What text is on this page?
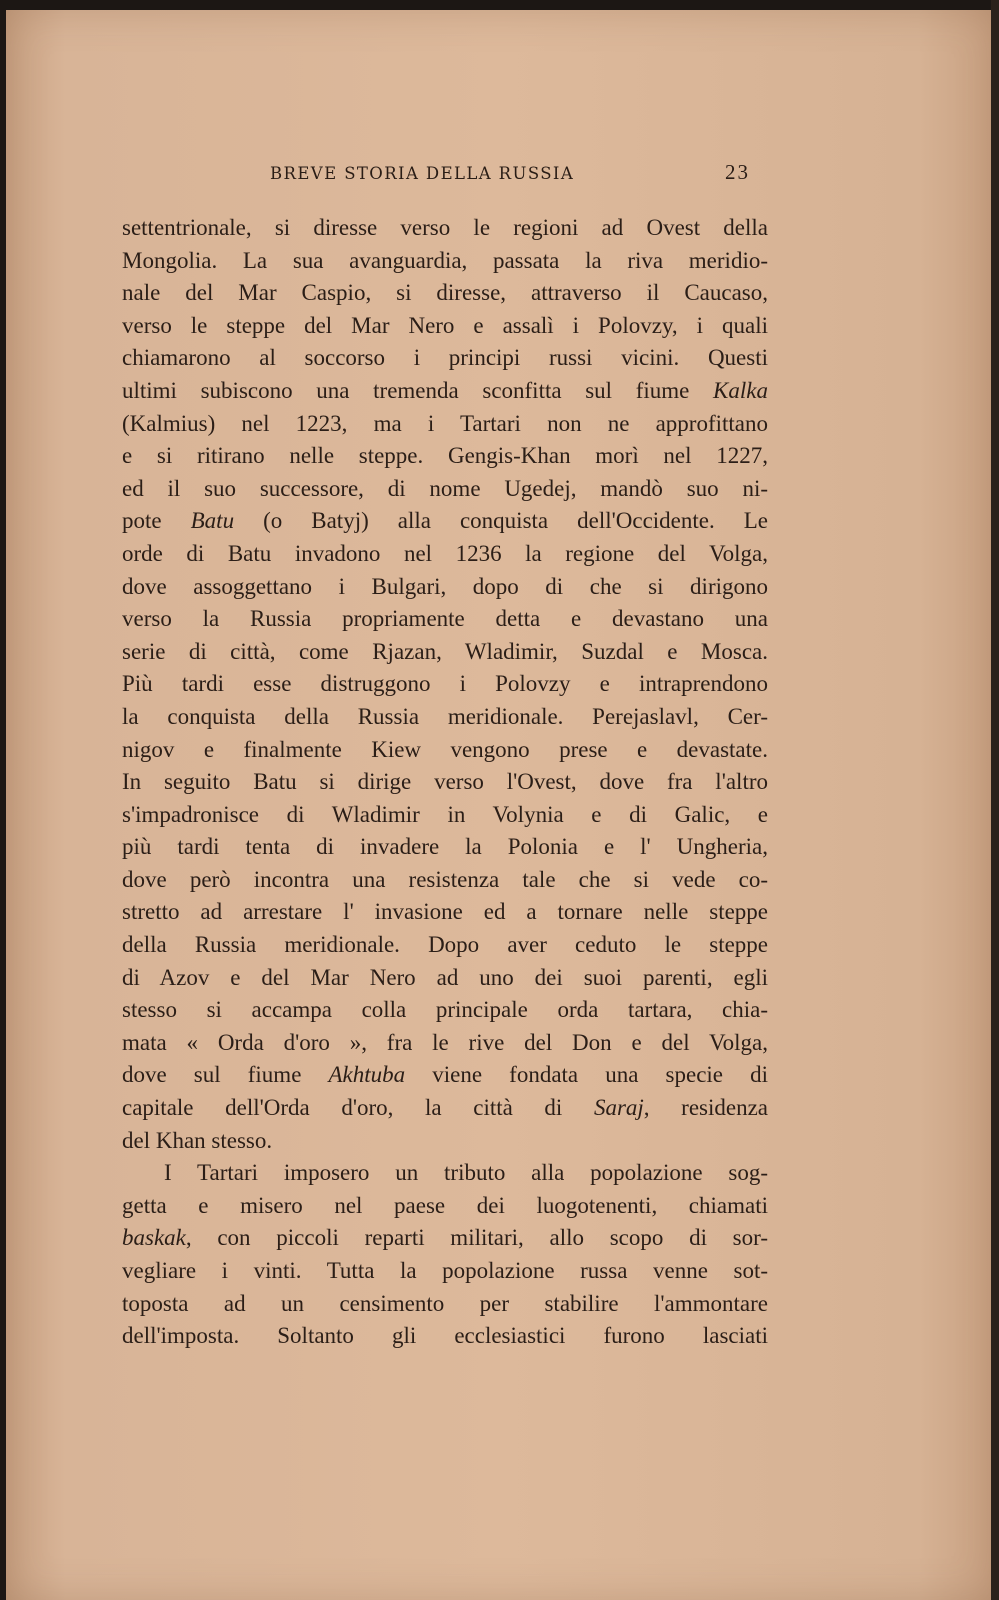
BREVE STORIA DELLA RUSSIA	23
settentrionale, si diresse verso le regioni ad Ovest della
Mongolia. La sua avanguardia, passata la riva meridio-
nale del Mar Caspio, si diresse, attraverso il Caucaso,
verso le steppe del Mar Nero e assalì i Polovzy, i quali
chiamarono al soccorso i principi russi vicini. Questi
ultimi subiscono una tremenda sconfitta sul fiume Kalka
(Kalmius) nel 1223, ma i Tartari non ne approfittano
e si ritirano nelle steppe. Gengis-Khan morì nel 1227,
ed il suo successore, di nome Ugedej, mandò suo ni-
pote Batu (o Batyj) alla conquista dell'Occidente. Le
orde di Batu invadono nel 1236 la regione del Volga,
dove assoggettano i Bulgari, dopo di che si dirigono
verso la Russia propriamente detta e devastano una
serie di città, come Rjazan, Wladimir, Suzdal e Mosca.
Più tardi esse distruggono i Polovzy e intraprendono
la conquista della Russia meridionale. Perejaslavl, Cer-
nigov e finalmente Kiew vengono prese e devastate.
In seguito Batu si dirige verso l'Ovest, dove fra l'altro
s'impadronisce di Wladimir in Volynia e di Galic, e
più tardi tenta di invadere la Polonia e l' Ungheria,
dove però incontra una resistenza tale che si vede co-
stretto ad arrestare l' invasione ed a tornare nelle steppe
della Russia meridionale. Dopo aver ceduto le steppe
di Azov e del Mar Nero ad uno dei suoi parenti, egli
stesso si accampa colla principale orda tartara, chia-
mata « Orda d'oro », fra le rive del Don e del Volga,
dove sul fiume Akhtuba viene fondata una specie di
capitale dell'Orda d'oro, la città di Saraj, residenza
del Khan stesso.
I Tartari imposero un tributo alla popolazione sog-
getta e misero nel paese dei luogotenenti, chiamati
baskak, con piccoli reparti militari, allo scopo di sor-
vegliare i vinti. Tutta la popolazione russa venne sot-
toposta ad un censimento per stabilire l'ammontare
dell'imposta. Soltanto gli ecclesiastici furono lasciati
